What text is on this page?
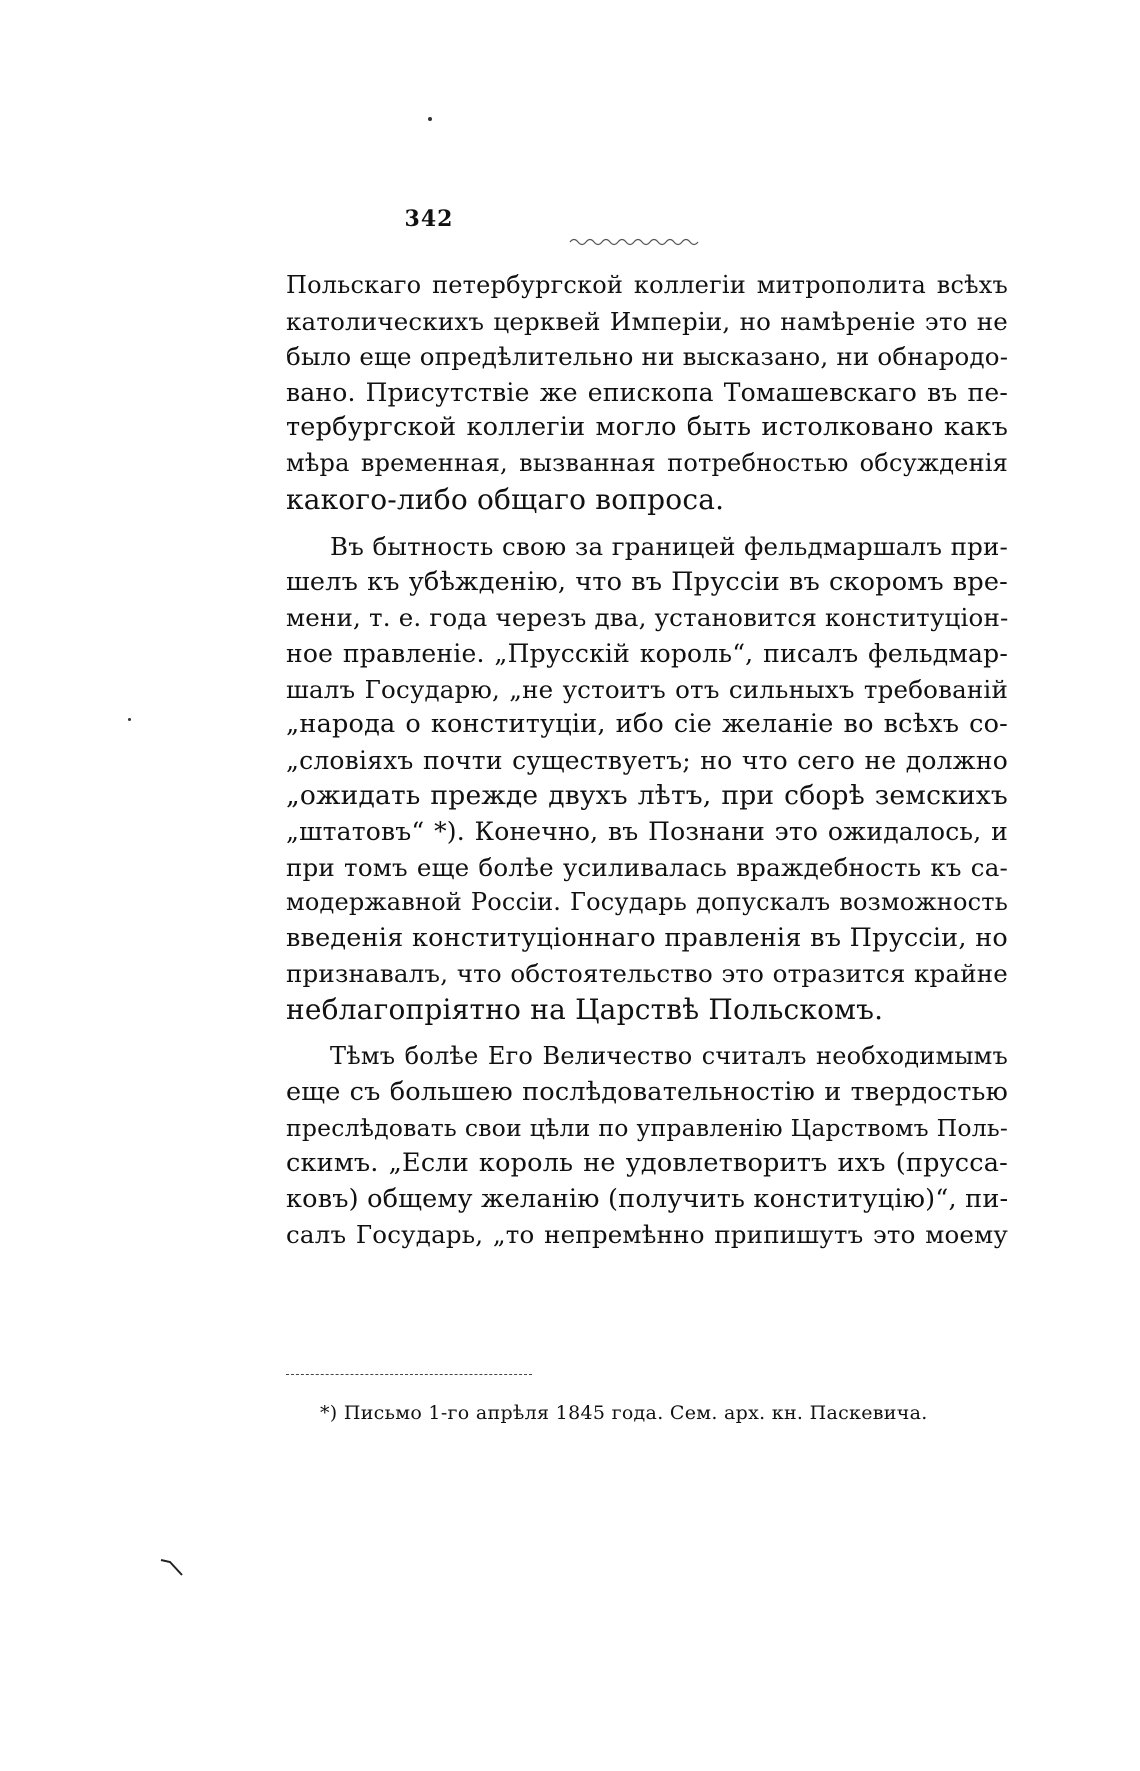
342
Польскаго петербургской коллегіи митрополита всѣхъ
католическихъ церквей Имперіи, но намѣреніе это не
было еще опредѣлительно ни высказано, ни обнародо-
вано. Присутствіе же епископа Томашевскаго въ пе-
тербургской коллегіи могло быть истолковано какъ
мѣра временная, вызванная потребностью обсужденія
какого-либо общаго вопроса.
Въ бытность свою за границей фельдмаршалъ при-
шелъ къ убѣжденію, что въ Пруссіи въ скоромъ вре-
мени, т. е. года черезъ два, установится конституціон-
ное правленіе. „Прусскій король“, писалъ фельдмар-
шалъ Государю, „не устоитъ отъ сильныхъ требованій
„народа о конституціи, ибо сіе желаніе во всѣхъ со-
„словіяхъ почти существуетъ; но что сего не должно
„ожидать прежде двухъ лѣтъ, при сборѣ земскихъ
„штатовъ“ *). Конечно, въ Познани это ожидалось, и
при томъ еще болѣе усиливалась враждебность къ са-
модержавной Россіи. Государь допускалъ возможность
введенія конституціоннаго правленія въ Пруссіи, но
признавалъ, что обстоятельство это отразится крайне
неблагопріятно на Царствѣ Польскомъ.
Тѣмъ болѣе Его Величество считалъ необходимымъ
еще съ большею послѣдовательностію и твердостью
преслѣдовать свои цѣли по управленію Царствомъ Поль-
скимъ. „Если король не удовлетворитъ ихъ (прусса-
ковъ) общему желанію (получить конституцію)“, пи-
салъ Государь, „то непремѣнно припишутъ это моему
*) Письмо 1-го апрѣля 1845 года. Сем. арх. кн. Паскевича.
